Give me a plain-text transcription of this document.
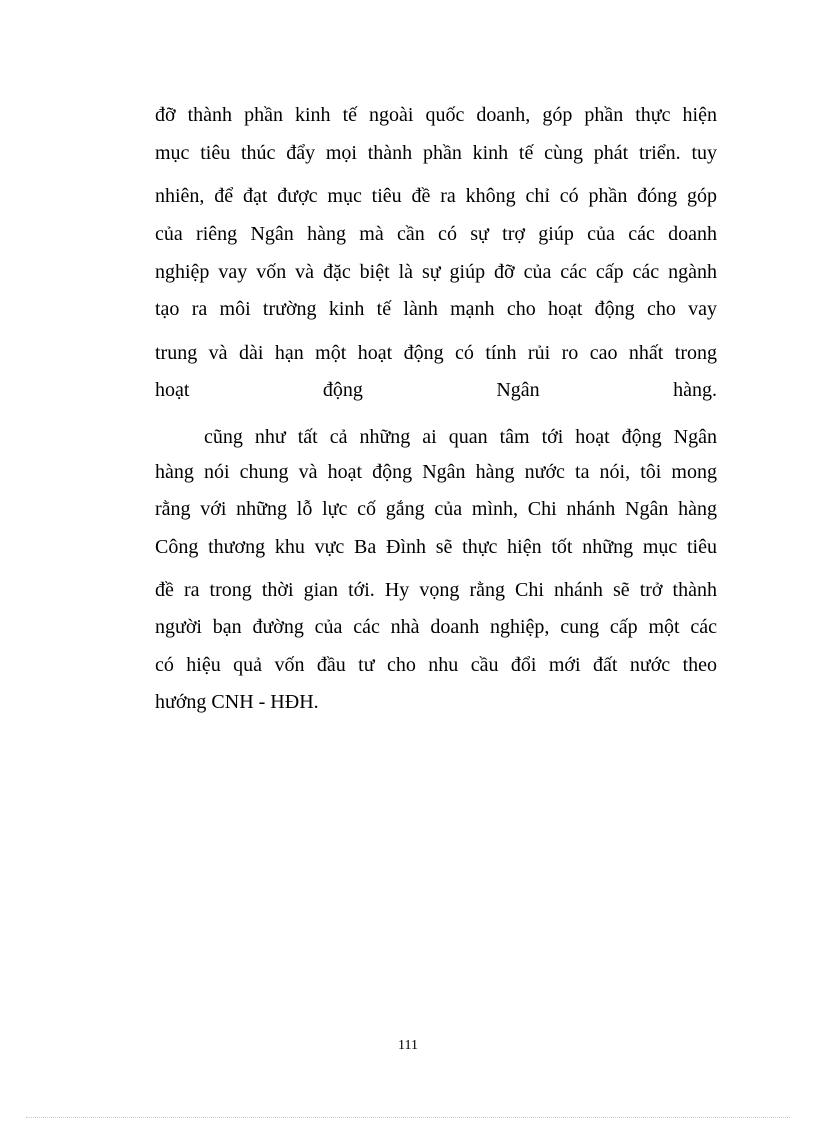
đỡ thành phần kinh tế ngoài quốc doanh, góp phần thực hiện
mục tiêu thúc đẩy mọi thành phần kinh tế cùng phát triển. tuy
nhiên, để đạt được mục tiêu đề ra không chỉ có phần đóng góp
của riêng Ngân hàng mà cần có sự trợ giúp của các doanh
nghiệp vay vốn và đặc biệt là sự giúp đỡ của các cấp các ngành
tạo ra môi trường kinh tế lành mạnh cho hoạt động cho vay
trung và dài hạn một hoạt động có tính rủi ro cao nhất trong
hoạt động Ngân hàng.
cũng như tất cả những ai quan tâm tới hoạt động Ngân
hàng nói chung và hoạt động Ngân hàng nước ta nói, tôi mong
rằng với những lỗ lực cố gắng của mình, Chi nhánh Ngân hàng
Công thương khu vực Ba Đình sẽ thực hiện tốt những mục tiêu
đề ra trong thời gian tới. Hy vọng rằng Chi nhánh sẽ trở thành
người bạn đường của các nhà doanh nghiệp, cung cấp một các
có hiệu quả vốn đầu tư cho nhu cầu đổi mới đất nước theo
hướng CNH - HĐH.
111
